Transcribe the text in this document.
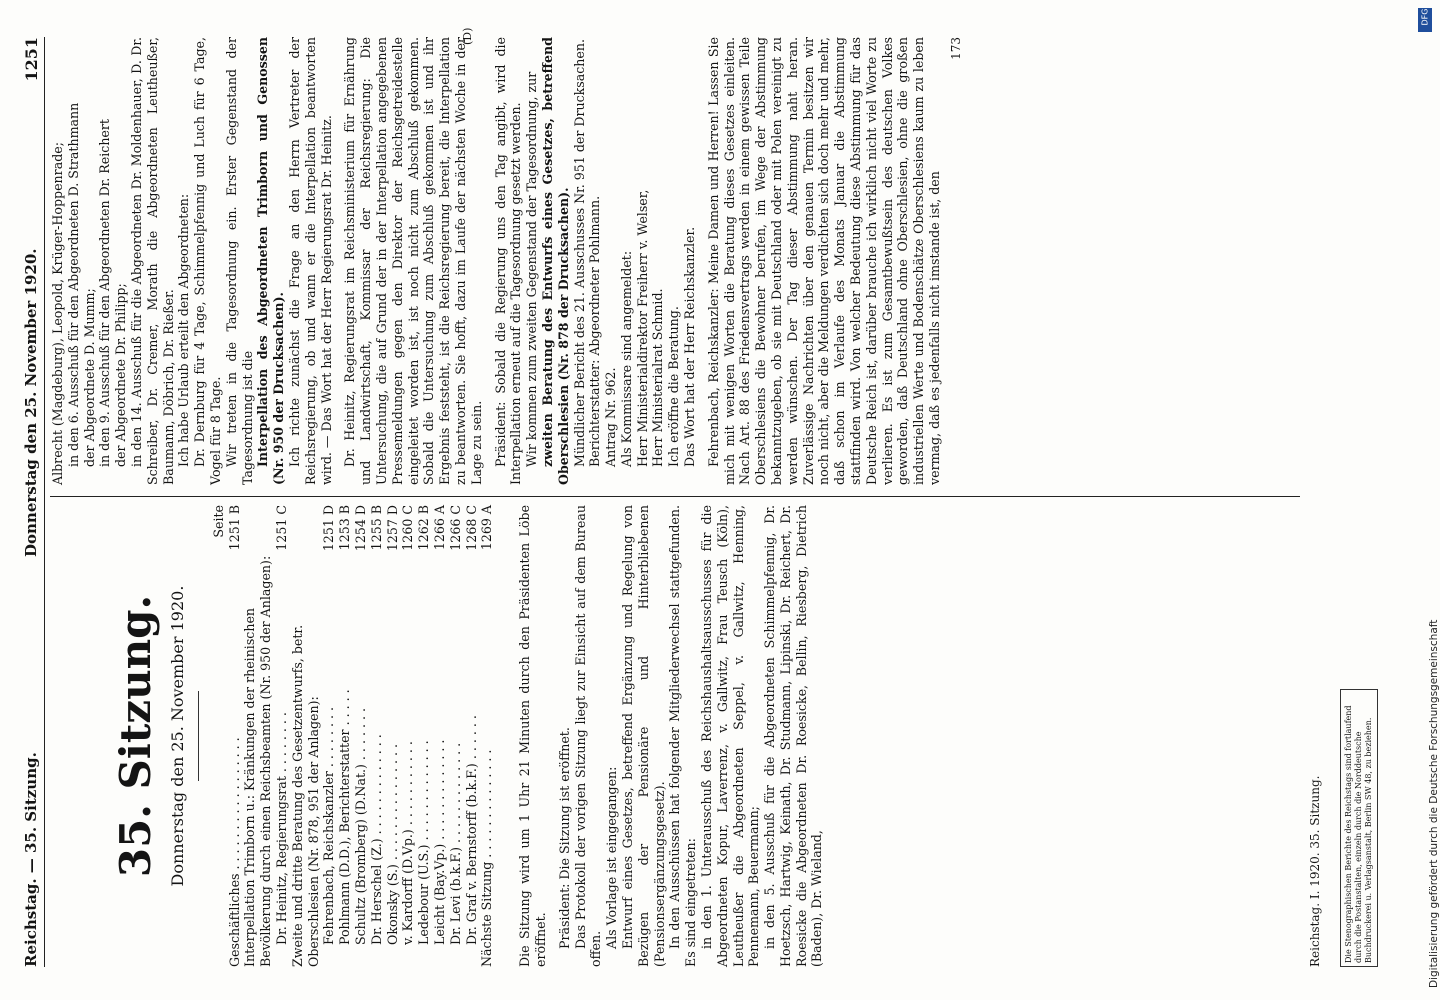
Reichstag. — 35. Sitzung.
Donnerstag den 25. November 1920.
1251

35. Sitzung. Donnerstag den 25. November 1920.

	Seite
Geschäftliches . . . . . . . . . . . . . . . . .	1251 B
Interpellation Trimborn u.: Kränkungen der rheinischen Bevölkerung durch einen Reichsbeamten (Nr. 950 der Anlagen):	
Dr. Heinitz, Regierungsrat . . . . . . . .	1251 C
Zweite und dritte Beratung des Gesetzentwurfs, betr. Oberschlesien (Nr. 878, 951 der Anlagen):	
Fehrenbach, Reichskanzler . . . . . . . .	1251 D
Pohlmann (D.D.), Berichterstatter . . . . .	1253 B
Schultz (Bromberg) (D.Nat.) . . . . . . .	1254 D
Dr. Herschel (Z.) . . . . . . . . . . . . .	1255 B
Okonsky (S.) . . . . . . . . . . . . . . .	1257 D
v. Kardorff (D.Vp.) . . . . . . . . . . .	1260 C
Ledebour (U.S.) . . . . . . . . . . . . .	1262 B
Leicht (Bay.Vp.) . . . . . . . . . . . . .	1266 A
Dr. Levi (b.k.F.) . . . . . . . . . . . . .	1266 C
Dr. Graf v. Bernstorff (b.k.F.) . . . . . .	1268 C
Nächste Sitzung . . . . . . . . . . . . . .	1269 A Die Sitzung wird um 1 Uhr 21 Minuten durch den Präsidenten Löbe eröffnet. Präsident: Die Sitzung ist eröffnet. Das Protokoll der vorigen Sitzung liegt zur Einsicht auf dem Bureau offen. Als Vorlage ist eingegangen: Entwurf eines Gesetzes, betreffend Ergänzung und Regelung von Bezügen der Pensionäre und Hinterbliebenen (Pensionsergänzungsgesetz). In den Ausschüssen hat folgender Mitgliederwechsel stattgefunden. Es sind eingetreten: in den 1. Unterausschuß des Reichshaushaltsausschusses für die Abgeordneten Kopur, Laverrenz, v. Gallwitz, Frau Teusch (Köln), Leutheußer die Abgeordneten Seppel, v. Gallwitz, Henning, Pennemann, Beuermann; in den 5. Ausschuß für die Abgeordneten Schimmelpfennig, Dr. Hoetzsch, Hartwig, Keinath, Dr. Studmann, Lipinski, Dr. Reichert, Dr. Roesicke die Abgeordneten Dr. Roesicke, Bellin, Riesberg, Dietrich (Baden), Dr. Wieland,	Reichstag. I. 1920. 35. Sitzung.	Die Stenographischen Berichte des Reichstags sind fortlaufend durch die Postanstalten, einzeln durch die Norddeutsche Buchdruckerei u. Verlagsanstalt, Berlin SW 48, zu beziehen.

Albrecht (Magdeburg), Leopold, Krüger-Hoppenrade; in den 6. Ausschuß für den Abgeordneten D. Strathmann der Abgeordnete D. Mumm; in den 9. Ausschuß für den Abgeordneten Dr. Reichert der Abgeordnete Dr. Philipp; in den 14. Ausschuß für die Abgeordneten Dr. Moldenhauer, D. Dr. Schreiber, Dr. Cremer, Morath die Abgeordneten Leutheußer, Baumann, Döbrich, Dr. Rießer. Ich habe Urlaub erteilt den Abgeordneten: Dr. Dernburg für 4 Tage, Schimmelpfennig und Luch für 6 Tage, Vogel für 8 Tage. Wir treten in die Tagesordnung ein. Erster Gegenstand der Tagesordnung ist die Interpellation des Abgeordneten Trimborn und Genossen (Nr. 950 der Drucksachen). Ich richte zunächst die Frage an den Herrn Vertreter der Reichsregierung, ob und wann er die Interpellation beantworten wird. — Das Wort hat der Herr Regierungsrat Dr. Heinitz. Dr. Heinitz, Regierungsrat im Reichsministerium für Ernährung und Landwirtschaft, Kommissar der Reichsregierung: Die Untersuchung, die auf Grund der in der Interpellation angegebenen Pressemeldungen gegen den Direktor der Reichsgetreidestelle eingeleitet worden ist, ist noch nicht zum Abschluß gekommen. Sobald die Untersuchung zum Abschluß gekommen ist und ihr Ergebnis feststeht, ist die Reichsregierung bereit, die Interpellation zu beantworten. Sie hofft, dazu im Laufe der nächsten Woche in der Lage zu sein. Präsident: Sobald die Regierung uns den Tag angibt, wird die Interpellation erneut auf die Tagesordnung gesetzt werden. Wir kommen zum zweiten Gegenstand der Tagesordnung, zur zweiten Beratung des Entwurfs eines Gesetzes, betreffend Oberschlesien (Nr. 878 der Drucksachen). Mündlicher Bericht des 21. Ausschusses Nr. 951 der Drucksachen. Berichterstatter: Abgeordneter Pohlmann. Antrag Nr. 962. Als Kommissare sind angemeldet: Herr Ministerialdirektor Freiherr v. Welser, Herr Ministerialrat Schmid. Ich eröffne die Beratung. Das Wort hat der Herr Reichskanzler. Fehrenbach, Reichskanzler: Meine Damen und Herren! Lassen Sie mich mit wenigen Worten die Beratung dieses Gesetzes einleiten. Nach Art. 88 des Friedensvertrags werden in einem gewissen Teile Oberschlesiens die Bewohner berufen, im Wege der Abstimmung bekanntzugeben, ob sie mit Deutschland oder mit Polen vereinigt zu werden wünschen. Der Tag dieser Abstimmung naht heran. Zuverlässige Nachrichten über den genauen Termin besitzen wir noch nicht, aber die Meldungen verdichten sich doch mehr und mehr, daß schon im Verlaufe des Monats Januar die Abstimmung stattfinden wird. Von welcher Bedeutung diese Abstimmung für das Deutsche Reich ist, darüber brauche ich wirklich nicht viel Worte zu verlieren. Es ist zum Gesamtbewußtsein des deutschen Volkes geworden, daß Deutschland ohne Oberschlesien, ohne die großen industriellen Werte und Bodenschätze Oberschlesiens kaum zu leben vermag, daß es jedenfalls nicht imstande ist, den

173

(D)
DFG
Digitalisierung gefördert durch die Deutsche Forschungsgemeinschaft
